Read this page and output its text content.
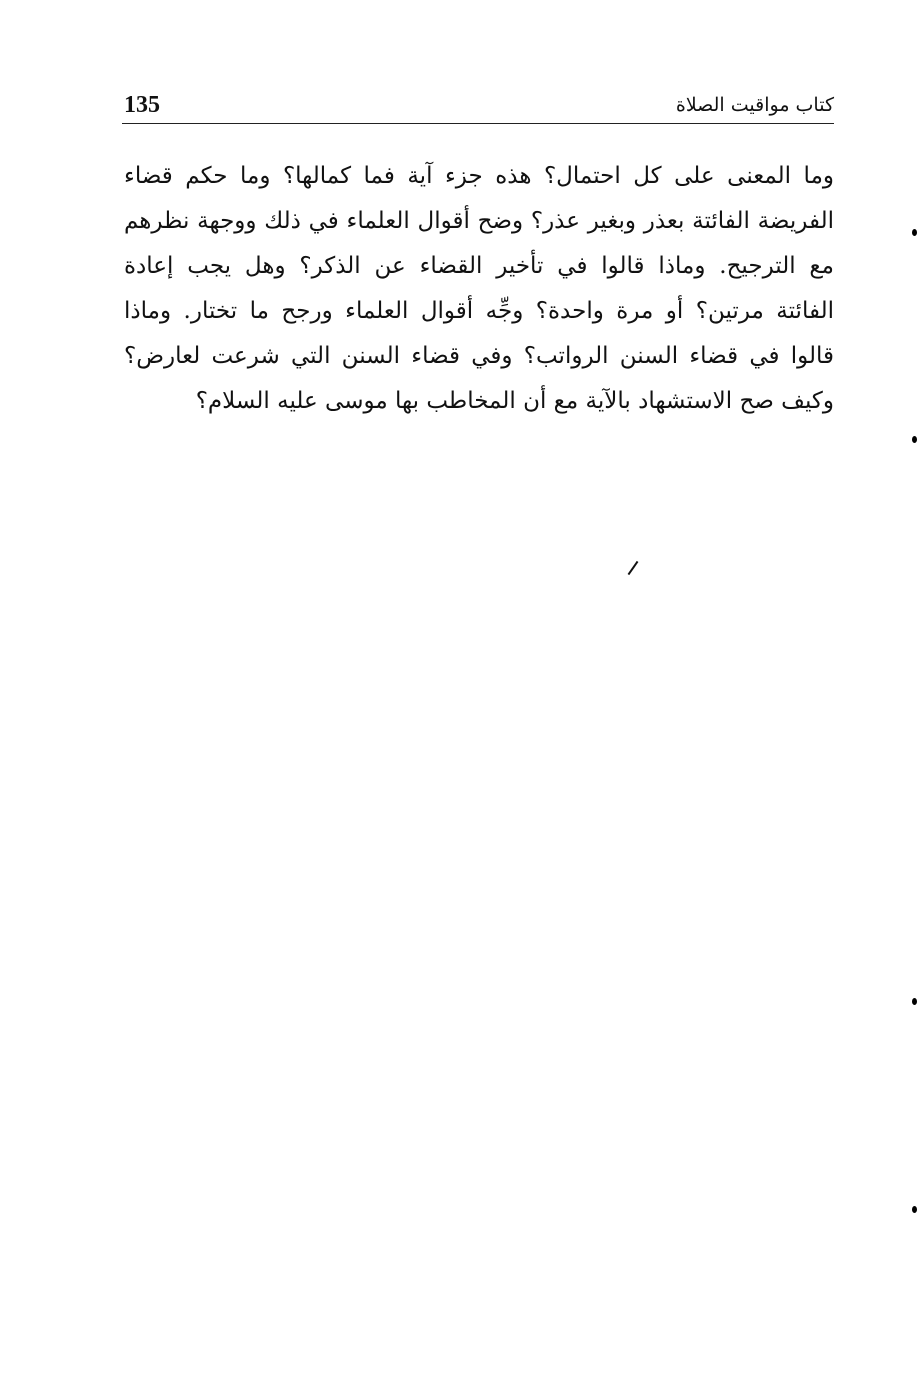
135	كتاب مواقيت الصلاة
وما المعنى على كل احتمال؟ هذه جزء آية فما كمالها؟ وما حكم قضاء
الفريضة الفائتة بعذر وبغير عذر؟ وضح أقوال العلماء في ذلك ووجهة نظرهم
مع الترجيح. وماذا قالوا في تأخير القضاء عن الذكر؟ وهل يجب إعادة
الفائتة مرتين؟ أو مرة واحدة؟ وجِّه أقوال العلماء ورجح ما تختار. وماذا
قالوا في قضاء السنن الرواتب؟ وفي قضاء السنن التي شرعت لعارض؟
وكيف صح الاستشهاد بالآية مع أن المخاطب بها موسى عليه السلام؟
